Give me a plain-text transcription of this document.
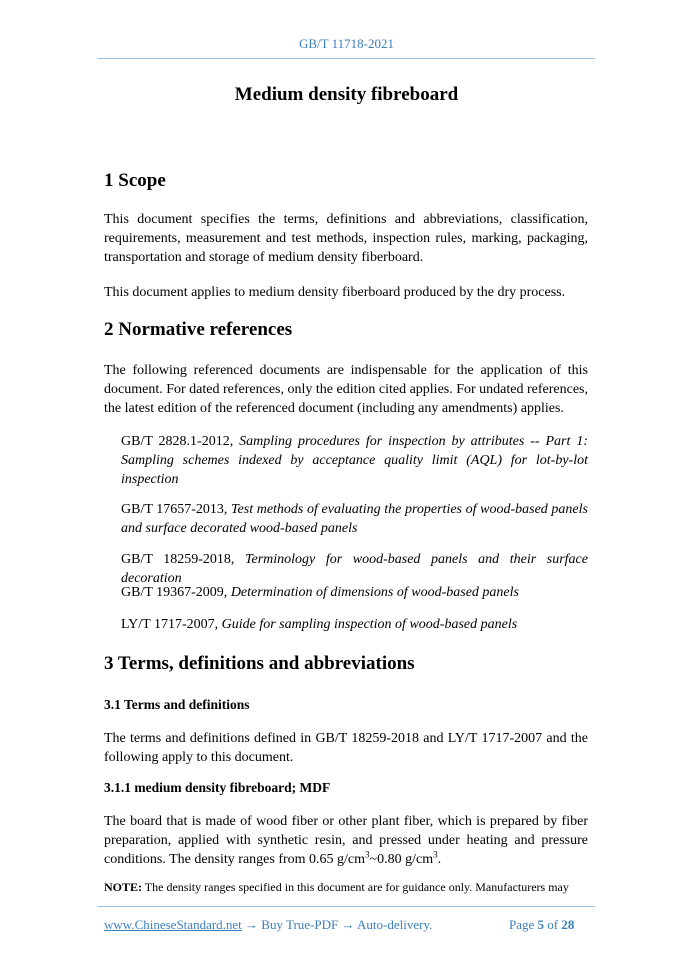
GB/T 11718-2021
Medium density fibreboard
1 Scope

This document specifies the terms, definitions and abbreviations, classification, requirements, measurement and test methods, inspection rules, marking, packaging, transportation and storage of medium density fiberboard.

This document applies to medium density fiberboard produced by the dry process.

2 Normative references

The following referenced documents are indispensable for the application of this document. For dated references, only the edition cited applies. For undated references, the latest edition of the referenced document (including any amendments) applies.

GB/T 2828.1-2012, Sampling procedures for inspection by attributes -- Part 1: Sampling schemes indexed by acceptance quality limit (AQL) for lot-by-lot inspection

GB/T 17657-2013, Test methods of evaluating the properties of wood-based panels and surface decorated wood-based panels

GB/T 18259-2018, Terminology for wood-based panels and their surface decoration

GB/T 19367-2009, Determination of dimensions of wood-based panels

LY/T 1717-2007, Guide for sampling inspection of wood-based panels

3 Terms, definitions and abbreviations
3.1 Terms and definitions

The terms and definitions defined in GB/T 18259-2018 and LY/T 1717-2007 and the following apply to this document.

3.1.1 medium density fibreboard; MDF

The board that is made of wood fiber or other plant fiber, which is prepared by fiber preparation, applied with synthetic resin, and pressed under heating and pressure conditions. The density ranges from 0.65 $g/cm^3\sim 0.80$ $g/cm^3$.

NOTE: The density ranges specified in this document are for guidance only. Manufacturers may

www.ChineseStandard.net → Buy True-PDF → Auto-delivery.	Page 5 of 28
